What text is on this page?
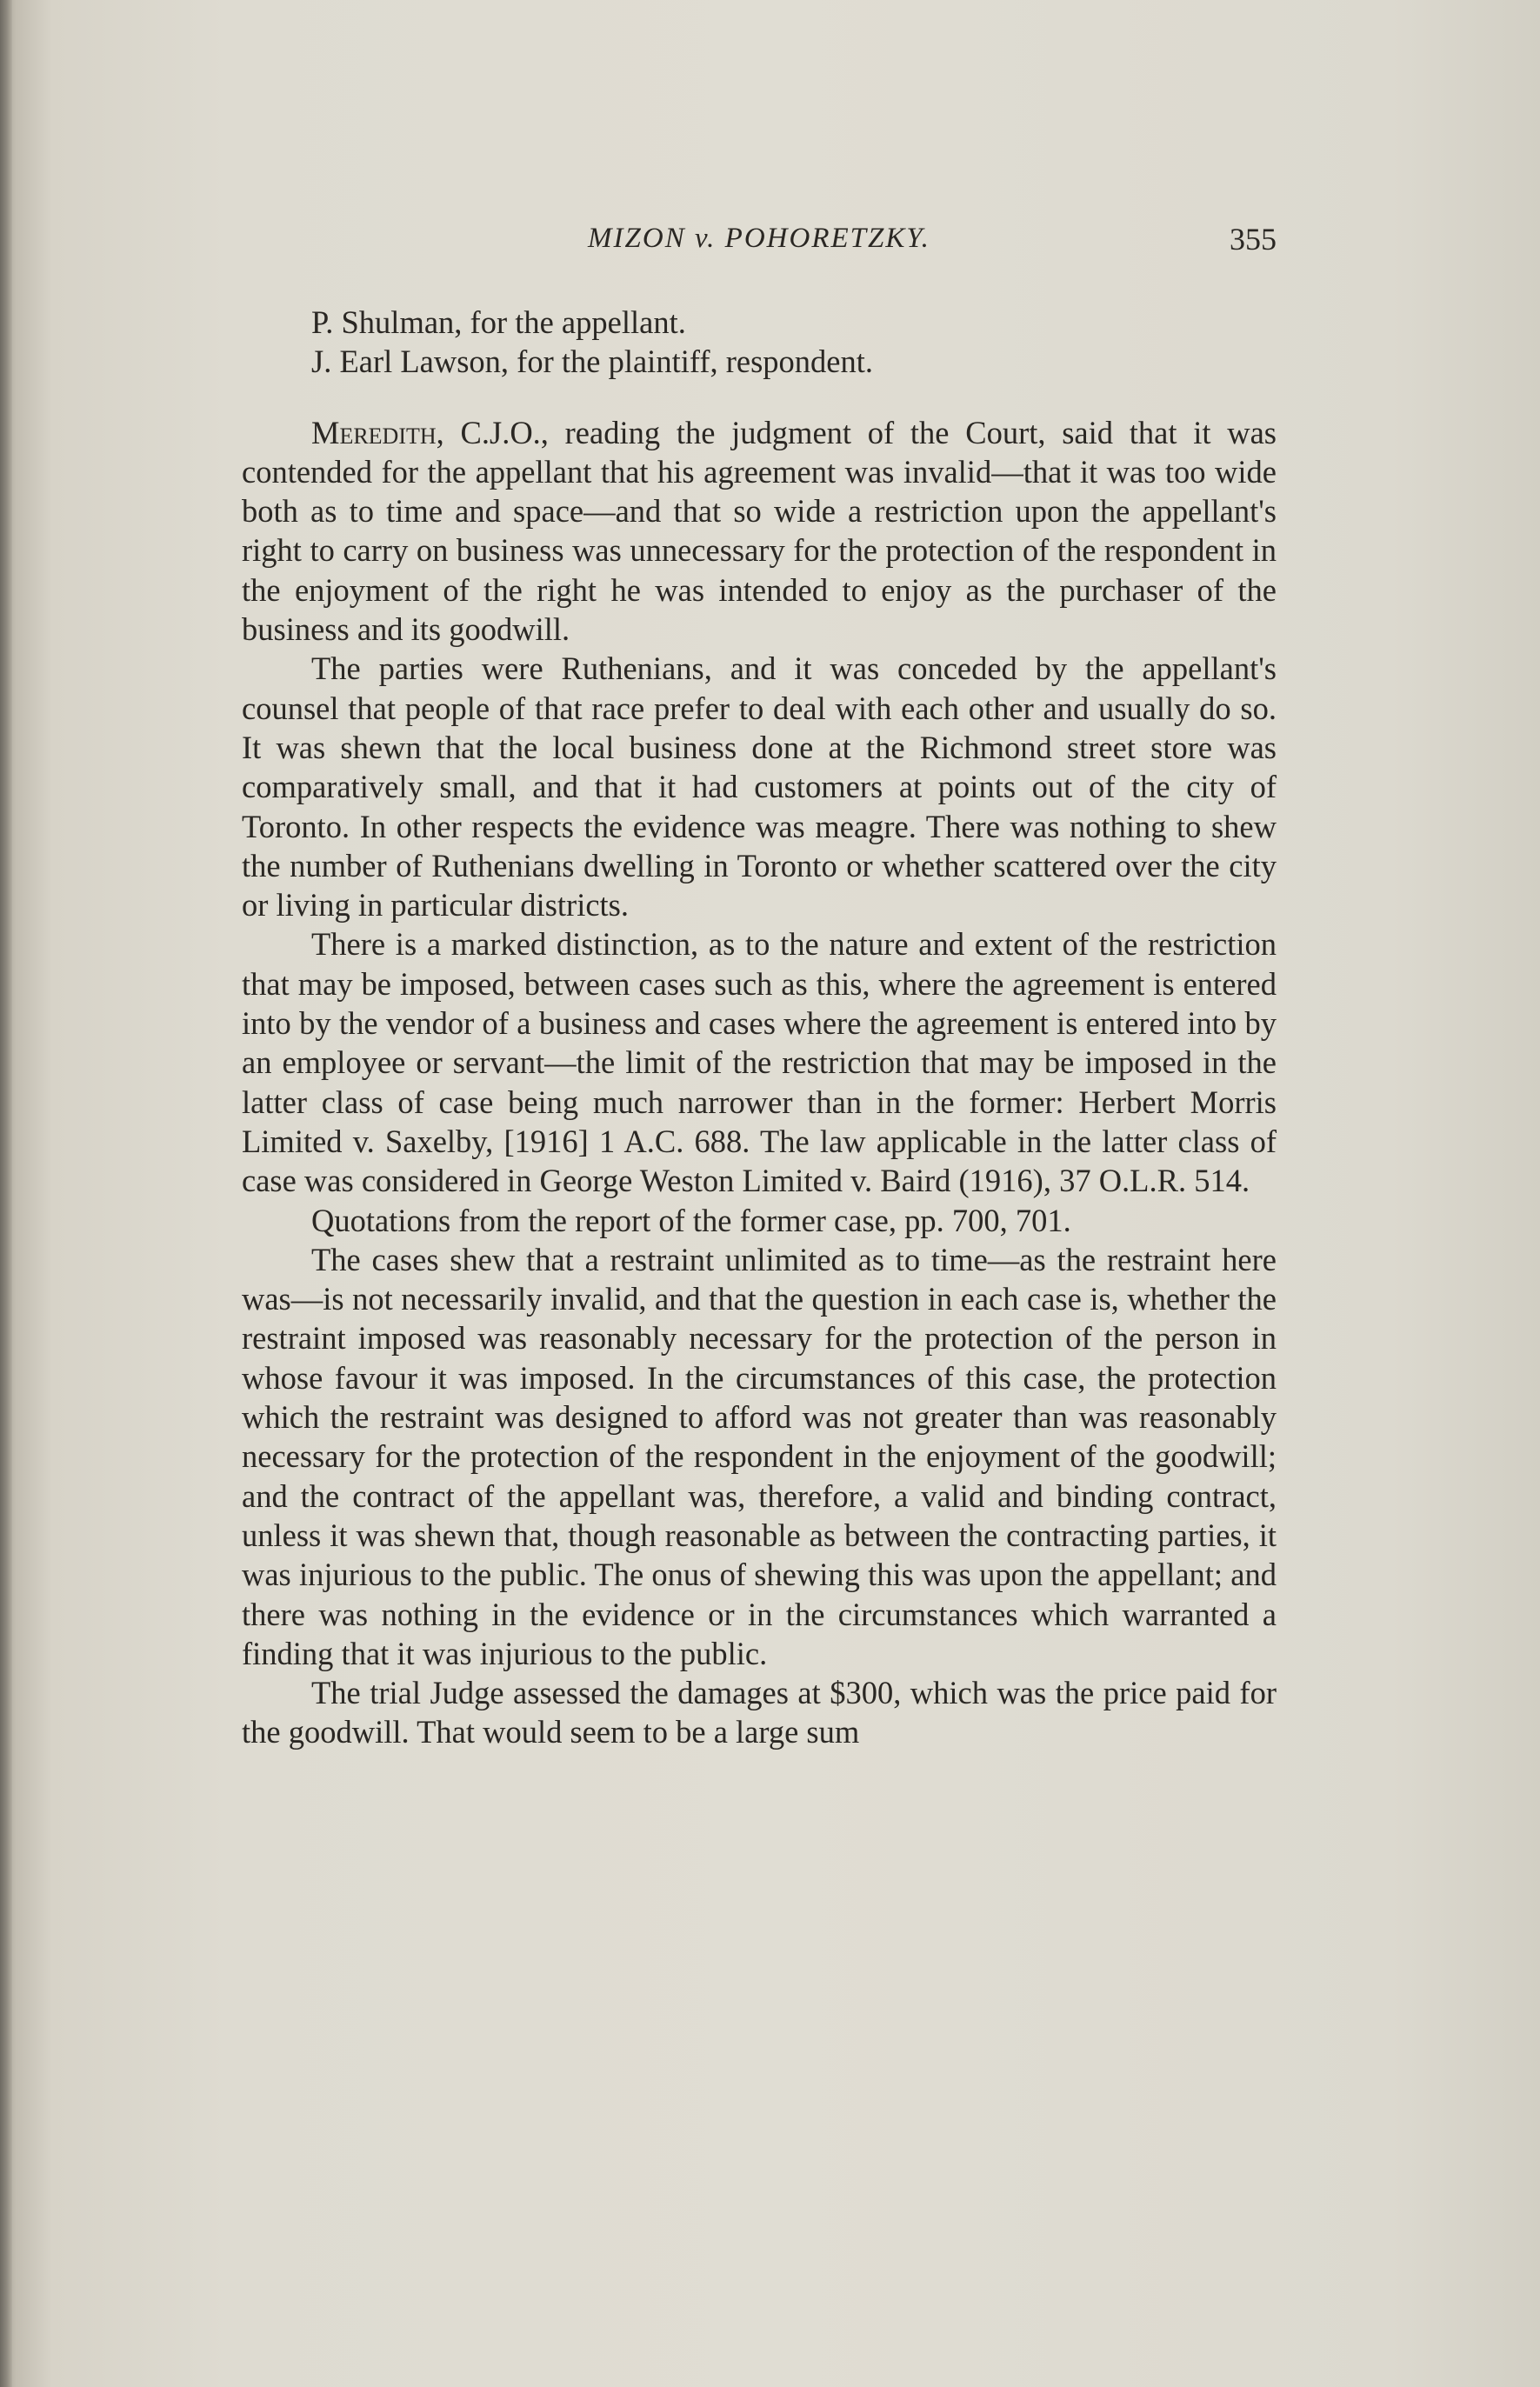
MIZON v. POHORETZKY.	355

P. Shulman, for the appellant.

J. Earl Lawson, for the plaintiff, respondent.

Meredith, C.J.O., reading the judgment of the Court, said that it was contended for the appellant that his agreement was invalid—that it was too wide both as to time and space—and that so wide a restriction upon the appellant's right to carry on business was unnecessary for the protection of the respondent in the enjoyment of the right he was intended to enjoy as the purchaser of the business and its goodwill.

The parties were Ruthenians, and it was conceded by the appellant's counsel that people of that race prefer to deal with each other and usually do so. It was shewn that the local business done at the Richmond street store was comparatively small, and that it had customers at points out of the city of Toronto. In other respects the evidence was meagre. There was nothing to shew the number of Ruthenians dwelling in Toronto or whether scattered over the city or living in particular districts.

There is a marked distinction, as to the nature and extent of the restriction that may be imposed, between cases such as this, where the agreement is entered into by the vendor of a business and cases where the agreement is entered into by an employee or servant—the limit of the restriction that may be imposed in the latter class of case being much narrower than in the former: Herbert Morris Limited v. Saxelby, [1916] 1 A.C. 688. The law applicable in the latter class of case was considered in George Weston Limited v. Baird (1916), 37 O.L.R. 514.

Quotations from the report of the former case, pp. 700, 701.

The cases shew that a restraint unlimited as to time—as the restraint here was—is not necessarily invalid, and that the question in each case is, whether the restraint imposed was reasonably necessary for the protection of the person in whose favour it was imposed. In the circumstances of this case, the protection which the restraint was designed to afford was not greater than was reasonably necessary for the protection of the respondent in the enjoyment of the goodwill; and the contract of the appellant was, therefore, a valid and binding contract, unless it was shewn that, though reasonable as between the contracting parties, it was injurious to the public. The onus of shewing this was upon the appellant; and there was nothing in the evidence or in the circumstances which warranted a finding that it was injurious to the public.

The trial Judge assessed the damages at $300, which was the price paid for the goodwill. That would seem to be a large sum
